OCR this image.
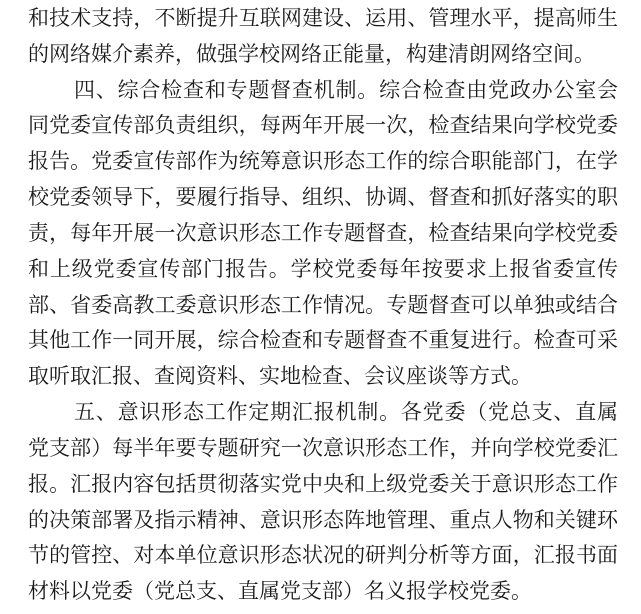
和技术支持，不断提升互联网建设、运用、管理水平，提高师生
的网络媒介素养，做强学校网络正能量，构建清朗网络空间。
四、综合检查和专题督查机制。综合检查由党政办公室会
同党委宣传部负责组织，每两年开展一次，检查结果向学校党委
报告。党委宣传部作为统筹意识形态工作的综合职能部门，在学
校党委领导下，要履行指导、组织、协调、督查和抓好落实的职
责，每年开展一次意识形态工作专题督查，检查结果向学校党委
和上级党委宣传部门报告。学校党委每年按要求上报省委宣传
部、省委高教工委意识形态工作情况。专题督查可以单独或结合
其他工作一同开展，综合检查和专题督查不重复进行。检查可采
取听取汇报、查阅资料、实地检查、会议座谈等方式。
五、意识形态工作定期汇报机制。各党委（党总支、直属
党支部）每半年要专题研究一次意识形态工作，并向学校党委汇
报。汇报内容包括贯彻落实党中央和上级党委关于意识形态工作
的决策部署及指示精神、意识形态阵地管理、重点人物和关键环
节的管控、对本单位意识形态状况的研判分析等方面，汇报书面
材料以党委（党总支、直属党支部）名义报学校党委。
